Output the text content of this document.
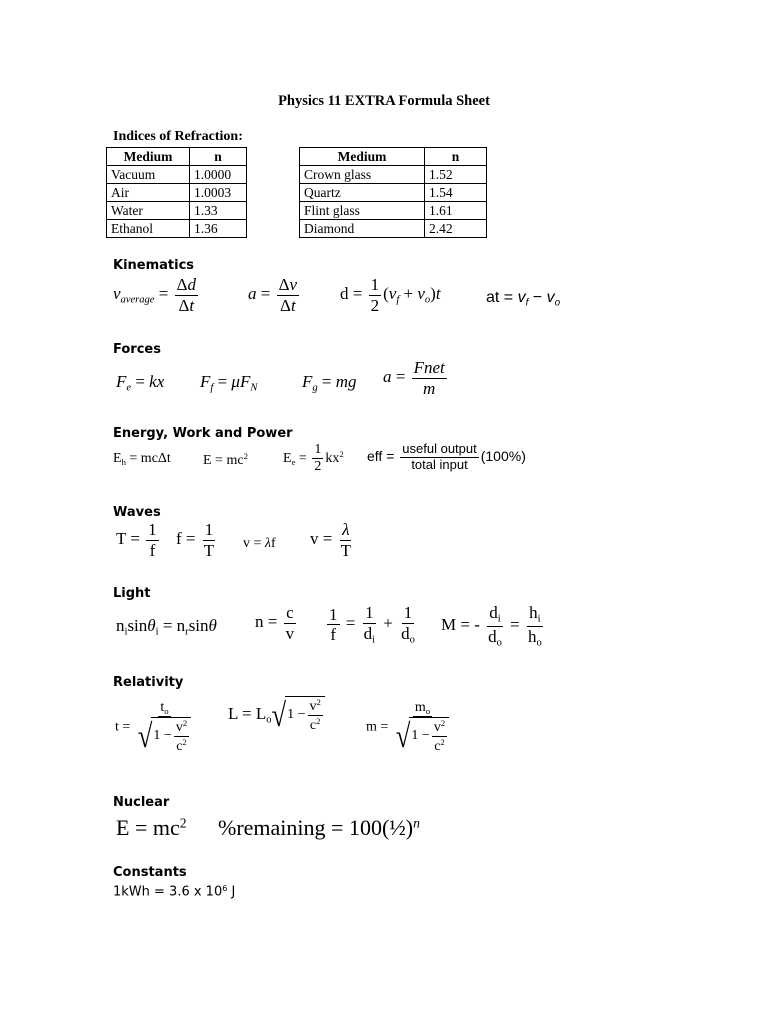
Physics 11 EXTRA Formula Sheet
Indices of Refraction:
Medium	n
Vacuum	1.0000
Air	1.0003
Water	1.33
Ethanol	1.36
Medium	n
Crown glass	1.52
Quartz	1.54
Flint glass	1.61
Diamond	2.42
Kinematics
$v_{average} = \frac{\Delta d}{\Delta t}$	$a = \frac{\Delta v}{\Delta t}$ $d = \frac{1}{2} (v_f + v_o)t$	at = $v_f - v_o$
Forces
$F_e$ = kx $F_f = \mu F_N$	$F_g$ = mg $a = \frac{\text{Fnet}}{m}$
Energy, Work and Power
$E_h = mc\Delta t$ $E = mc^2$	$E_e = \frac{1}{2} kx^2$ eff = $\frac{\text{useful output}}{\text{total input}} (100\%)$
Waves
$T = \frac{1}{f}$ $f = \frac{1}{T}$ v = λf $v = \frac{\lambda}{T}$
Light
$n_i\sin\theta_i = n_r\sin\theta$ $n = \frac{c}{v} \frac{1}{f} = \frac{1}{d_i} + \frac{1}{d_o}$ M = - $\frac{d_i}{d_o} = \frac{h_i}{h_o}$
Relativity
$t = \frac{t_o}{√ 1 - \frac{v^2}{c^2}}$ $L = L_o$ √ $1 - \frac{v^2}{c^2}$	$m = \frac{m_o}{√ 1 - \frac{v^2}{c^2}}$
Nuclear
$E = mc^2$ %remaining = 100(½)$^n$
Constants
1kWh = 3.6 x $10^6$ J
